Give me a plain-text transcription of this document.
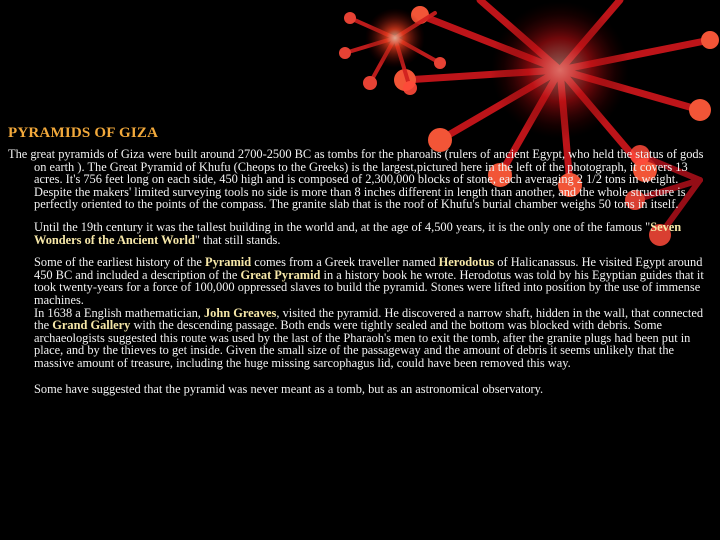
PYRAMIDS OF GIZA

The great pyramids of Giza were built around 2700-2500 BC as tombs for the pharoahs (rulers of ancient Egypt, who held the status of gods on earth ). The Great Pyramid of Khufu (Cheops to the Greeks) is the largest,pictured here in the left of the photograph, it covers 13 acres. It's 756 feet long on each side, 450 high and is composed of 2,300,000 blocks of stone, each averaging 2 1/2 tons in weight. Despite the makers' limited surveying tools no side is more than 8 inches different in length than another, and the whole structure is perfectly oriented to the points of the compass. The granite slab that is the roof of Khufu's burial chamber weighs 50 tons in itself.

Until the 19th century it was the tallest building in the world and, at the age of 4,500 years, it is the only one of the famous "Seven Wonders of the Ancient World" that still stands.

Some of the earliest history of the Pyramid comes from a Greek traveller named Herodotus of Halicanassus. He visited Egypt around 450 BC and included a description of the Great Pyramid in a history book he wrote. Herodotus was told by his Egyptian guides that it took twenty-years for a force of 100,000 oppressed slaves to build the pyramid. Stones were lifted into position by the use of immense machines.

In 1638 a English mathematician, John Greaves, visited the pyramid. He discovered a narrow shaft, hidden in the wall, that connected the Grand Gallery with the descending passage. Both ends were tightly sealed and the bottom was blocked with debris. Some archaeologists suggested this route was used by the last of the Pharaoh's men to exit the tomb, after the granite plugs had been put in place, and by the thieves to get inside. Given the small size of the passageway and the amount of debris it seems unlikely that the massive amount of treasure, including the huge missing sarcophagus lid, could have been removed this way.

Some have suggested that the pyramid was never meant as a tomb, but as an astronomical observatory.
